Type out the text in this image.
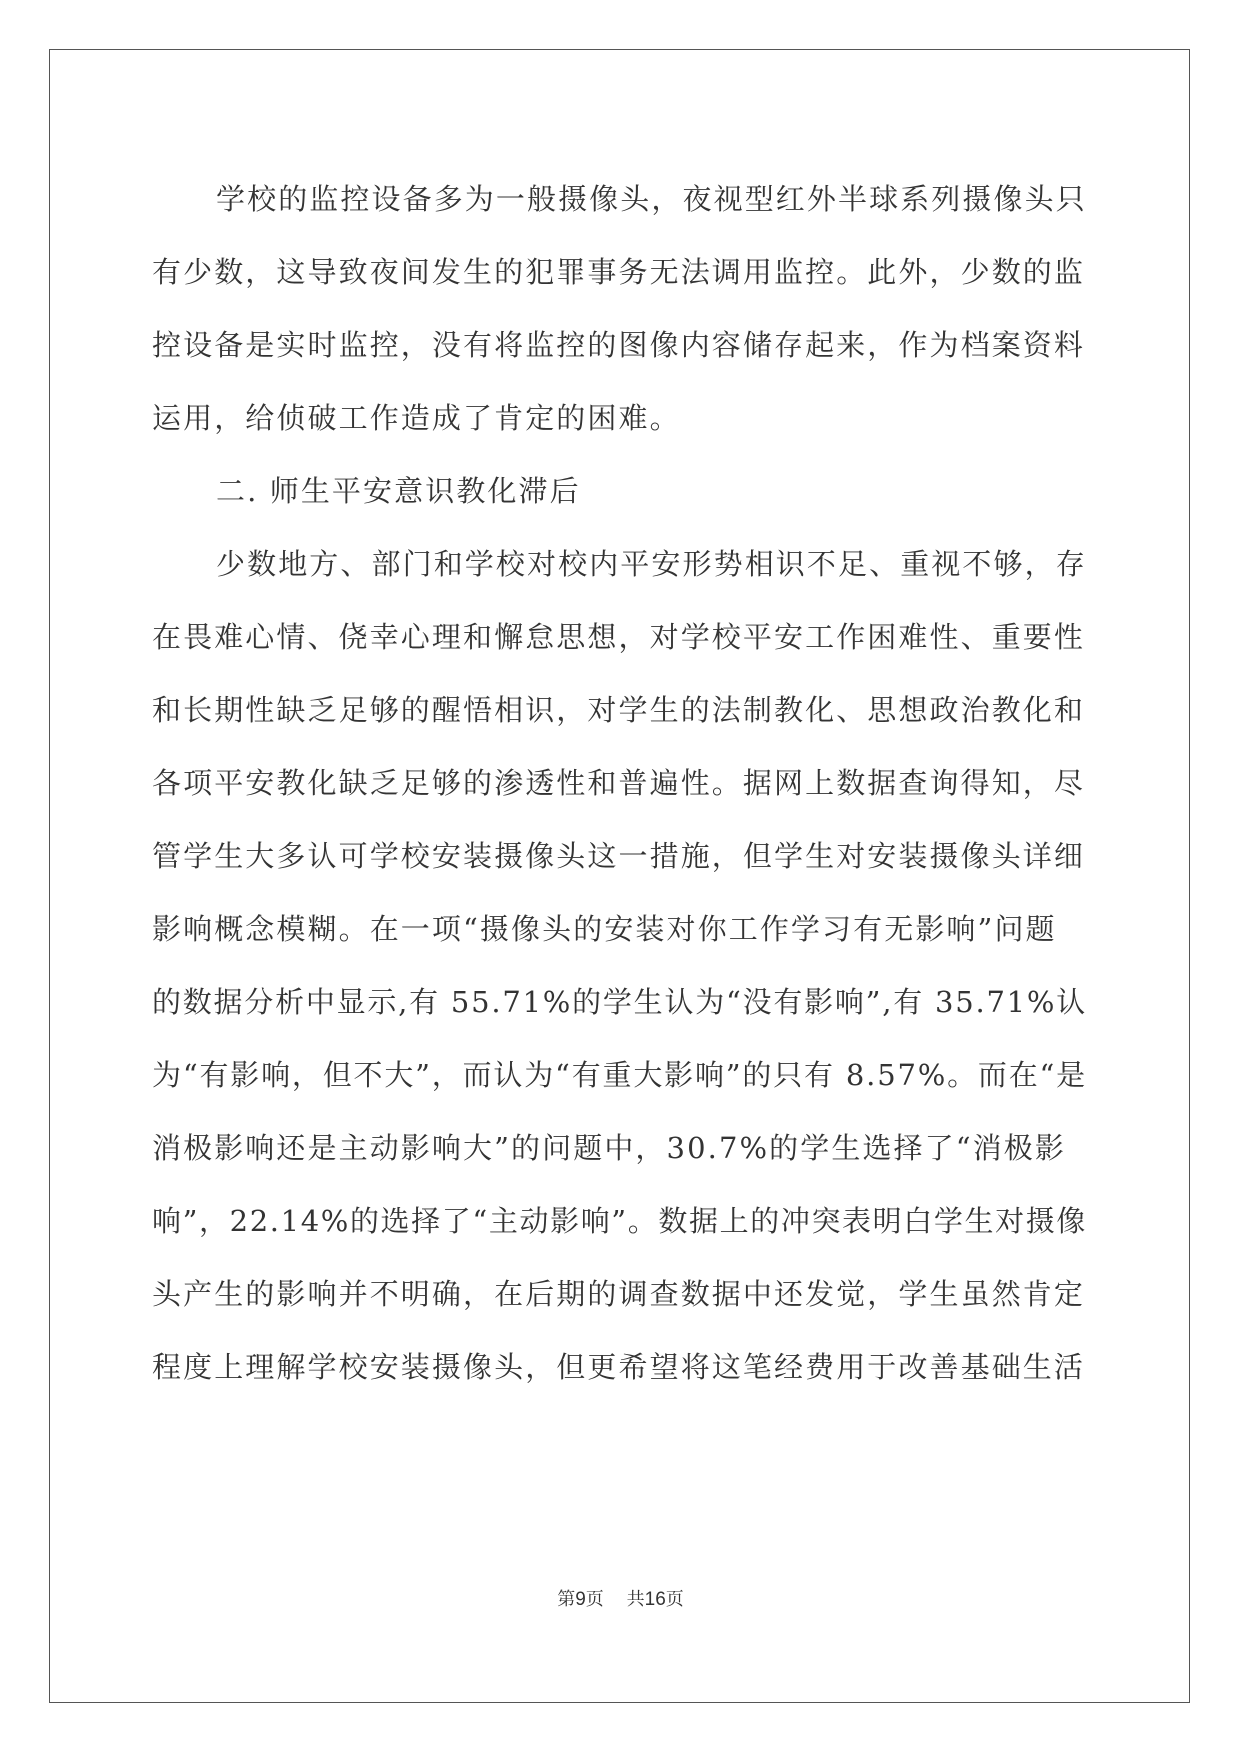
学校的监控设备多为一般摄像头，夜视型红外半球系列摄像头只
有少数，这导致夜间发生的犯罪事务无法调用监控。此外，少数的监
控设备是实时监控，没有将监控的图像内容储存起来，作为档案资料
运用，给侦破工作造成了肯定的困难。
二. 师生平安意识教化滞后
少数地方、部门和学校对校内平安形势相识不足、重视不够，存
在畏难心情、侥幸心理和懈怠思想，对学校平安工作困难性、重要性
和长期性缺乏足够的醒悟相识，对学生的法制教化、思想政治教化和
各项平安教化缺乏足够的渗透性和普遍性。据网上数据查询得知，尽
管学生大多认可学校安装摄像头这一措施，但学生对安装摄像头详细
影响概念模糊。在一项“摄像头的安装对你工作学习有无影响”问题
的数据分析中显示,有 55.71%的学生认为“没有影响”,有 35.71%认
为“有影响，但不大”，而认为“有重大影响”的只有 8.57%。而在“是
消极影响还是主动影响大”的问题中，30.7%的学生选择了“消极影
响”，22.14%的选择了“主动影响”。数据上的冲突表明白学生对摄像
头产生的影响并不明确，在后期的调查数据中还发觉，学生虽然肯定
程度上理解学校安装摄像头，但更希望将这笔经费用于改善基础生活
第9页 共16页
